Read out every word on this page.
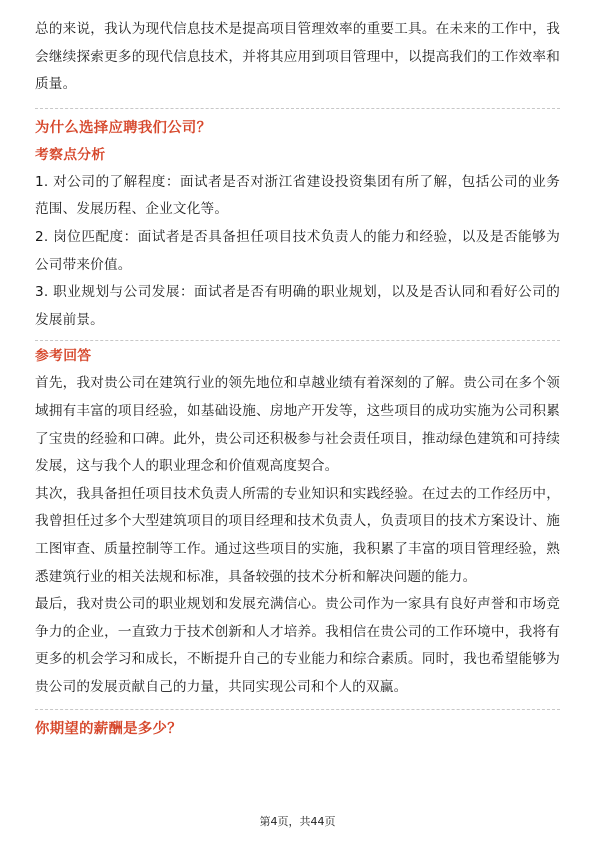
总的来说，我认为现代信息技术是提高项目管理效率的重要工具。在未来的工作中，我会继续探索更多的现代信息技术，并将其应用到项目管理中，以提高我们的工作效率和质量。

为什么选择应聘我们公司？

考察点分析

1. 对公司的了解程度：面试者是否对浙江省建设投资集团有所了解，包括公司的业务范围、发展历程、企业文化等。

2. 岗位匹配度：面试者是否具备担任项目技术负责人的能力和经验，以及是否能够为公司带来价值。

3. 职业规划与公司发展：面试者是否有明确的职业规划，以及是否认同和看好公司的发展前景。

参考回答

首先，我对贵公司在建筑行业的领先地位和卓越业绩有着深刻的了解。贵公司在多个领域拥有丰富的项目经验，如基础设施、房地产开发等，这些项目的成功实施为公司积累了宝贵的经验和口碑。此外，贵公司还积极参与社会责任项目，推动绿色建筑和可持续发展，这与我个人的职业理念和价值观高度契合。

其次，我具备担任项目技术负责人所需的专业知识和实践经验。在过去的工作经历中，我曾担任过多个大型建筑项目的项目经理和技术负责人，负责项目的技术方案设计、施工图审查、质量控制等工作。通过这些项目的实施，我积累了丰富的项目管理经验，熟悉建筑行业的相关法规和标准，具备较强的技术分析和解决问题的能力。

最后，我对贵公司的职业规划和发展充满信心。贵公司作为一家具有良好声誉和市场竞争力的企业，一直致力于技术创新和人才培养。我相信在贵公司的工作环境中，我将有更多的机会学习和成长，不断提升自己的专业能力和综合素质。同时，我也希望能够为贵公司的发展贡献自己的力量，共同实现公司和个人的双赢。

你期望的薪酬是多少？

第4页，共44页
